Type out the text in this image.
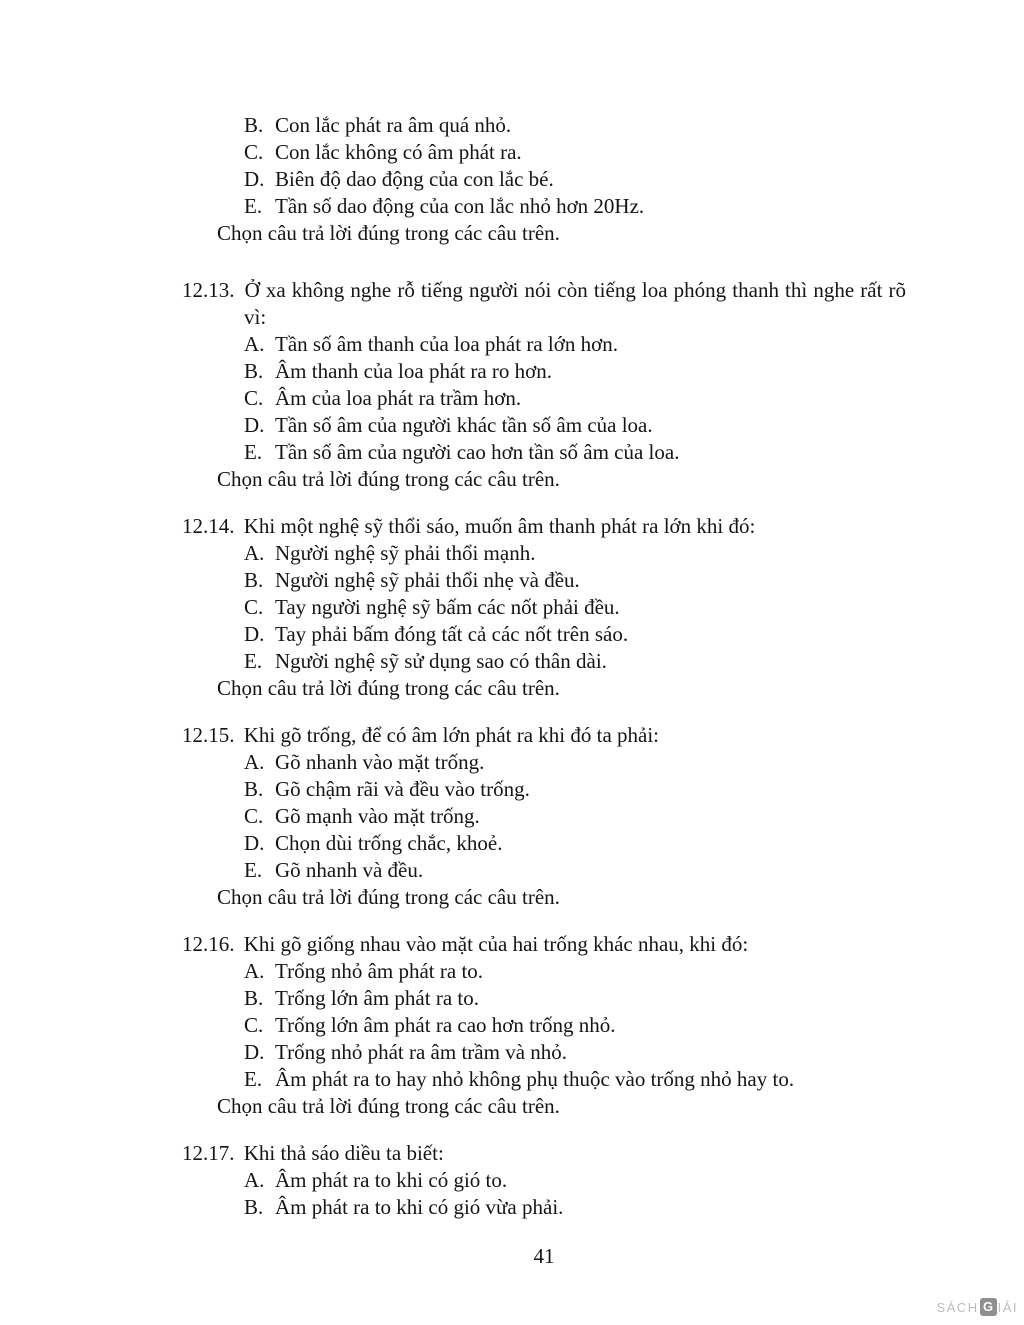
B. Con lắc phát ra âm quá nhỏ.
C. Con lắc không có âm phát ra.
D. Biên độ dao động của con lắc bé.
E. Tần số dao động của con lắc nhỏ hơn 20Hz.
Chọn câu trả lời đúng trong các câu trên.
12.13. Ở xa không nghe rỗ tiếng người nói còn tiếng loa phóng thanh thì nghe rất rõ vì:
A. Tần số âm thanh của loa phát ra lớn hơn.
B. Âm thanh của loa phát ra ro hơn.
C. Âm của loa phát ra trầm hơn.
D. Tần số âm của người khác tần số âm của loa.
E. Tần số âm của người cao hơn tần số âm của loa.
Chọn câu trả lời đúng trong các câu trên.
12.14. Khi một nghệ sỹ thổi sáo, muốn âm thanh phát ra lớn khi đó:
A. Người nghệ sỹ phải thổi mạnh.
B. Người nghệ sỹ phải thổi nhẹ và đều.
C. Tay người nghệ sỹ bấm các nốt phải đều.
D. Tay phải bấm đóng tất cả các nốt trên sáo.
E. Người nghệ sỹ sử dụng sao có thân dài.
Chọn câu trả lời đúng trong các câu trên.
12.15. Khi gõ trống, để có âm lớn phát ra khi đó ta phải:
A. Gõ nhanh vào mặt trống.
B. Gõ chậm rãi và đều vào trống.
C. Gõ mạnh vào mặt trống.
D. Chọn dùi trống chắc, khoẻ.
E. Gõ nhanh và đều.
Chọn câu trả lời đúng trong các câu trên.
12.16. Khi gõ giống nhau vào mặt của hai trống khác nhau, khi đó:
A. Trống nhỏ âm phát ra to.
B. Trống lớn âm phát ra to.
C. Trống lớn âm phát ra cao hơn trống nhỏ.
D. Trống nhỏ phát ra âm trầm và nhỏ.
E. Âm phát ra to hay nhỏ không phụ thuộc vào trống nhỏ hay to.
Chọn câu trả lời đúng trong các câu trên.
12.17. Khi thả sáo diều ta biết:
A. Âm phát ra to khi có gió to.
B. Âm phát ra to khi có gió vừa phải.
41
SÁCH G IẢI
